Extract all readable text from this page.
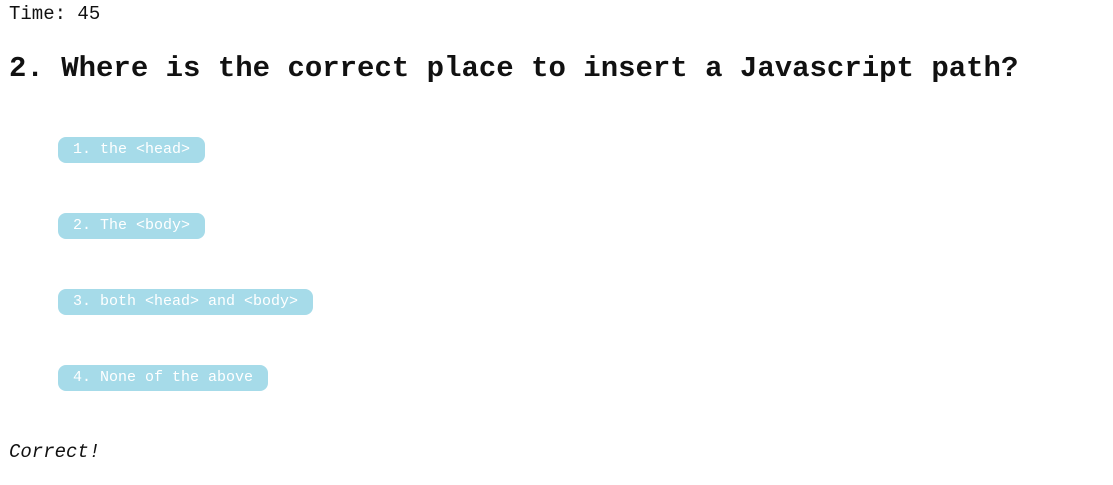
Time: 45
2. Where is the correct place to insert a Javascript path?
1. the <head>
2. The <body>
3. both <head> and <body>
4. None of the above
Correct!
